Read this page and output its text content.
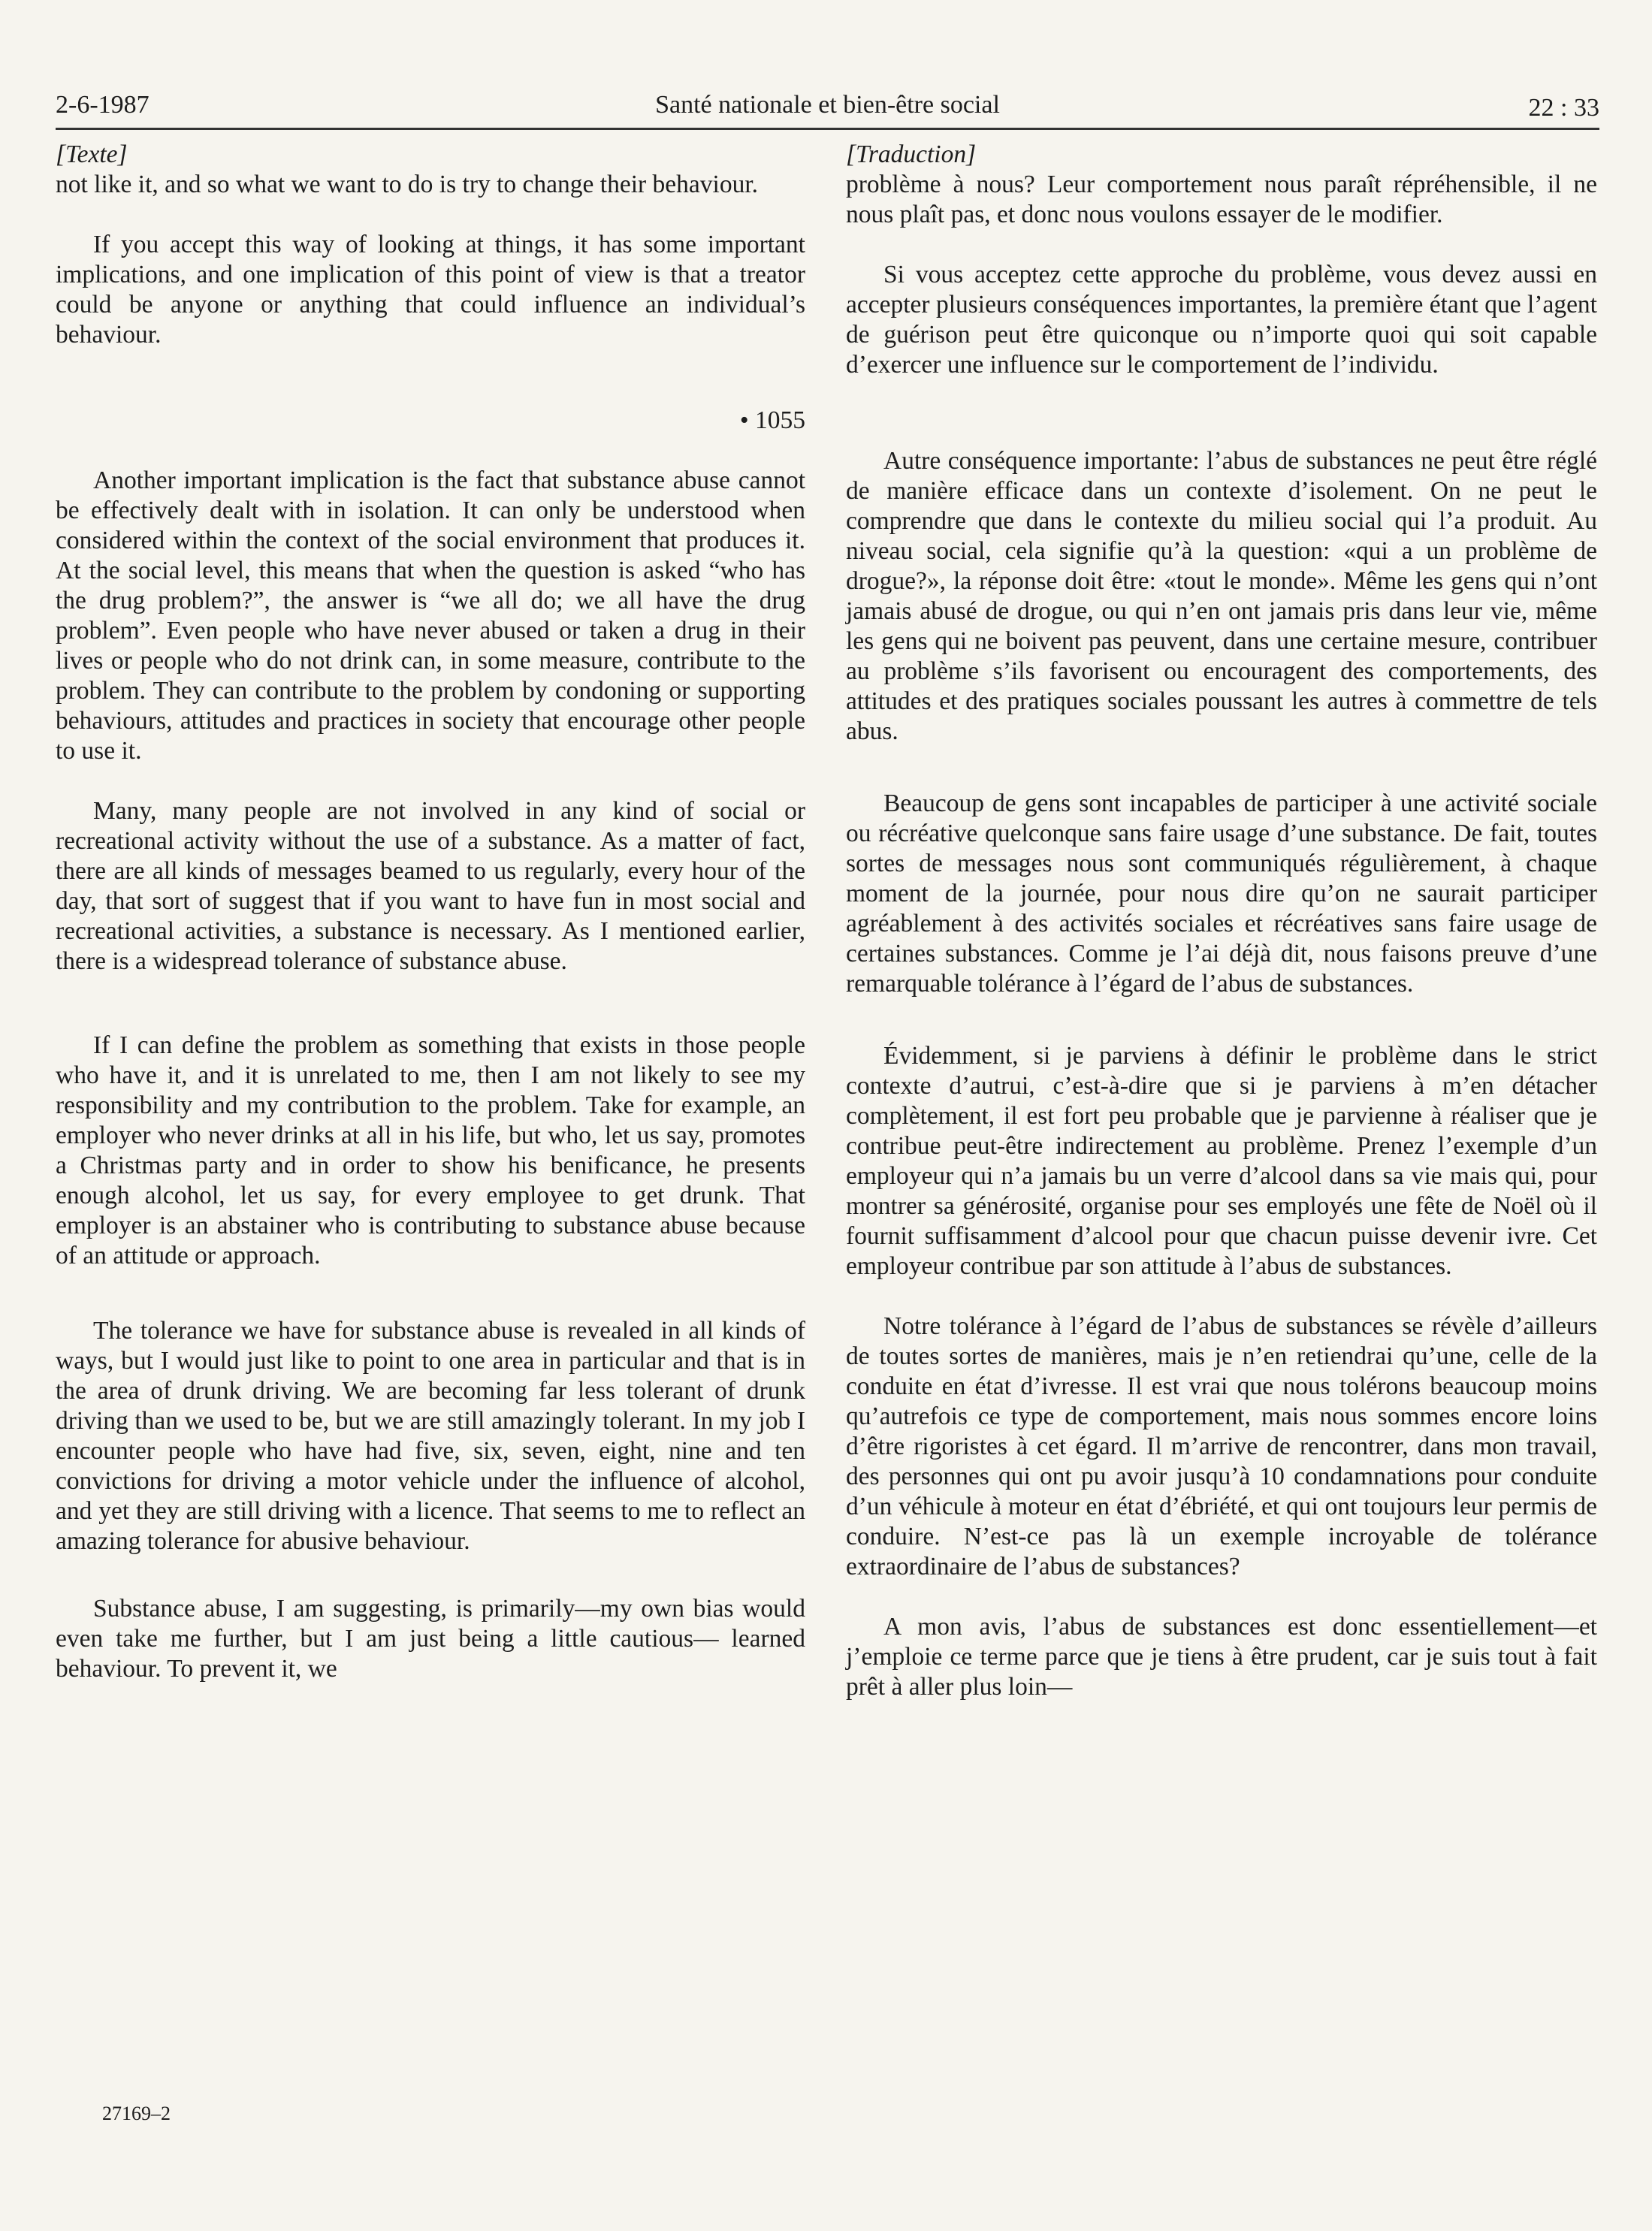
2-6-1987	Santé nationale et bien-être social	22 : 33
[Texte]

not like it, and so what we want to do is try to change their behaviour.

If you accept this way of looking at things, it has some important implications, and one implication of this point of view is that a treator could be anyone or anything that could influence an individual’s behaviour.

• 1055

Another important implication is the fact that substance abuse cannot be effectively dealt with in isolation. It can only be understood when considered within the context of the social environment that produces it. At the social level, this means that when the question is asked “who has the drug problem?”, the answer is “we all do; we all have the drug problem”. Even people who have never abused or taken a drug in their lives or people who do not drink can, in some measure, contribute to the problem. They can contribute to the problem by condoning or supporting behaviours, attitudes and practices in society that encourage other people to use it.

Many, many people are not involved in any kind of social or recreational activity without the use of a substance. As a matter of fact, there are all kinds of messages beamed to us regularly, every hour of the day, that sort of suggest that if you want to have fun in most social and recreational activities, a substance is necessary. As I mentioned earlier, there is a widespread tolerance of substance abuse.

If I can define the problem as something that exists in those people who have it, and it is unrelated to me, then I am not likely to see my responsibility and my contribution to the problem. Take for example, an employer who never drinks at all in his life, but who, let us say, promotes a Christmas party and in order to show his benificance, he presents enough alcohol, let us say, for every employee to get drunk. That employer is an abstainer who is contributing to substance abuse because of an attitude or approach.

The tolerance we have for substance abuse is revealed in all kinds of ways, but I would just like to point to one area in particular and that is in the area of drunk driving. We are becoming far less tolerant of drunk driving than we used to be, but we are still amazingly tolerant. In my job I encounter people who have had five, six, seven, eight, nine and ten convictions for driving a motor vehicle under the influence of alcohol, and yet they are still driving with a licence. That seems to me to reflect an amazing tolerance for abusive behaviour.

Substance abuse, I am suggesting, is primarily—my own bias would even take me further, but I am just being a little cautious— learned behaviour. To prevent it, we

[Traduction]

problème à nous? Leur comportement nous paraît répréhensible, il ne nous plaît pas, et donc nous voulons essayer de le modifier.

Si vous acceptez cette approche du problème, vous devez aussi en accepter plusieurs conséquences importantes, la première étant que l’agent de guérison peut être quiconque ou n’importe quoi qui soit capable d’exercer une influence sur le comportement de l’individu.

Autre conséquence importante: l’abus de substances ne peut être réglé de manière efficace dans un contexte d’isolement. On ne peut le comprendre que dans le contexte du milieu social qui l’a produit. Au niveau social, cela signifie qu’à la question: «qui a un problème de drogue?», la réponse doit être: «tout le monde». Même les gens qui n’ont jamais abusé de drogue, ou qui n’en ont jamais pris dans leur vie, même les gens qui ne boivent pas peuvent, dans une certaine mesure, contribuer au problème s’ils favorisent ou encouragent des comportements, des attitudes et des pratiques sociales poussant les autres à commettre de tels abus.

Beaucoup de gens sont incapables de participer à une activité sociale ou récréative quelconque sans faire usage d’une substance. De fait, toutes sortes de messages nous sont communiqués régulièrement, à chaque moment de la journée, pour nous dire qu’on ne saurait participer agréablement à des activités sociales et récréatives sans faire usage de certaines substances. Comme je l’ai déjà dit, nous faisons preuve d’une remarquable tolérance à l’égard de l’abus de substances.

Évidemment, si je parviens à définir le problème dans le strict contexte d’autrui, c’est-à-dire que si je parviens à m’en détacher complètement, il est fort peu probable que je parvienne à réaliser que je contribue peut-être indirectement au problème. Prenez l’exemple d’un employeur qui n’a jamais bu un verre d’alcool dans sa vie mais qui, pour montrer sa générosité, organise pour ses employés une fête de Noël où il fournit suffisamment d’alcool pour que chacun puisse devenir ivre. Cet employeur contribue par son attitude à l’abus de substances.

Notre tolérance à l’égard de l’abus de substances se révèle d’ailleurs de toutes sortes de manières, mais je n’en retiendrai qu’une, celle de la conduite en état d’ivresse. Il est vrai que nous tolérons beaucoup moins qu’autrefois ce type de comportement, mais nous sommes encore loins d’être rigoristes à cet égard. Il m’arrive de rencontrer, dans mon travail, des personnes qui ont pu avoir jusqu’à 10 condamnations pour conduite d’un véhicule à moteur en état d’ébriété, et qui ont toujours leur permis de conduire. N’est-ce pas là un exemple incroyable de tolérance extraordinaire de l’abus de substances?

A mon avis, l’abus de substances est donc essentiellement—et j’emploie ce terme parce que je tiens à être prudent, car je suis tout à fait prêt à aller plus loin—

27169–2
